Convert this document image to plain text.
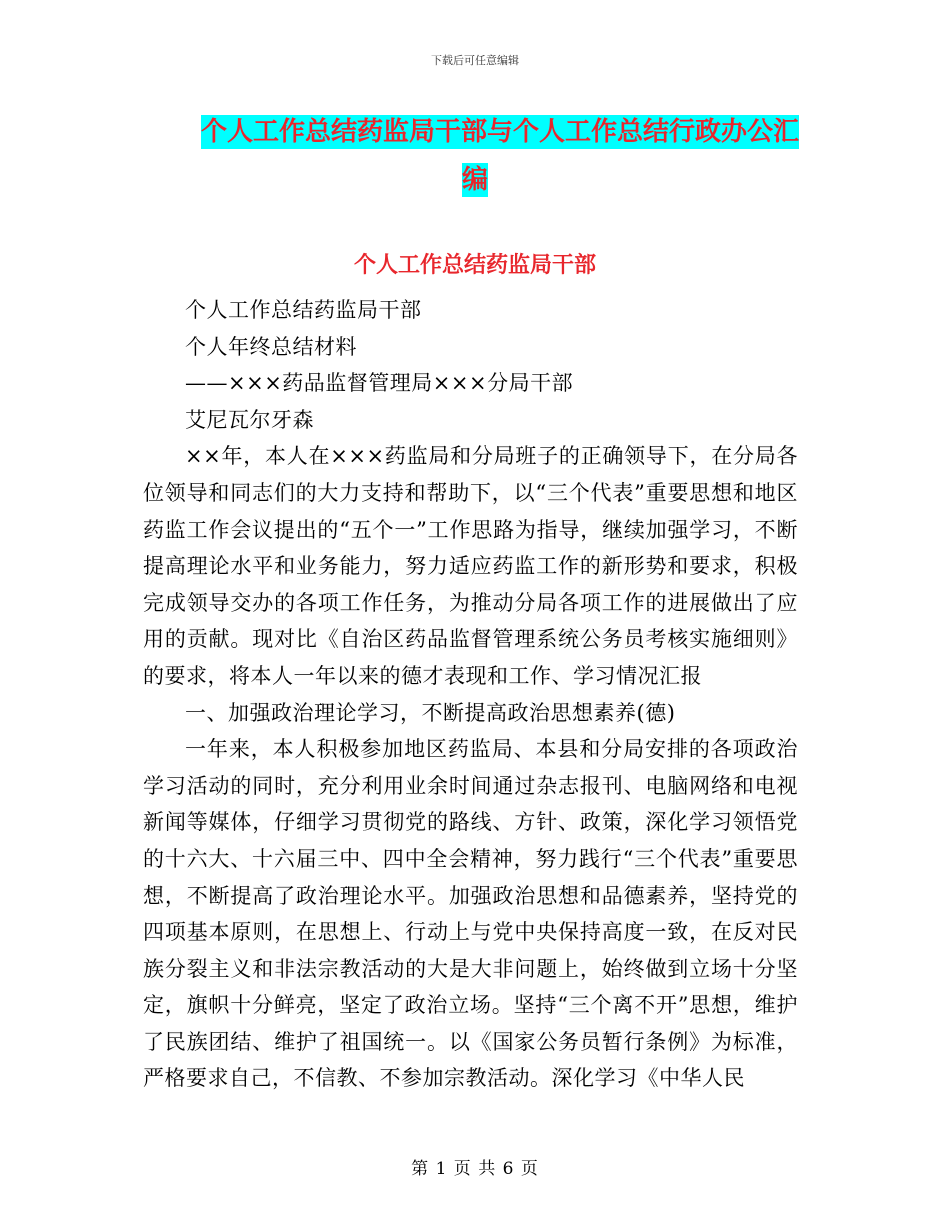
下载后可任意编辑
个人工作总结药监局干部与个人工作总结行政办公汇
编
个人工作总结药监局干部

个人工作总结药监局干部

个人年终总结材料

——×××药品监督管理局×××分局干部

艾尼瓦尔牙森

××年，本人在×××药监局和分局班子的正确领导下，在分局各位领导和同志们的大力支持和帮助下，以“三个代表”重要思想和地区药监工作会议提出的“五个一”工作思路为指导，继续加强学习，不断提高理论水平和业务能力，努力适应药监工作的新形势和要求，积极完成领导交办的各项工作任务，为推动分局各项工作的进展做出了应用的贡献。现对比《自治区药品监督管理系统公务员考核实施细则》的要求，将本人一年以来的德才表现和工作、学习情况汇报

一、加强政治理论学习，不断提高政治思想素养(德)

一年来，本人积极参加地区药监局、本县和分局安排的各项政治学习活动的同时，充分利用业余时间通过杂志报刊、电脑网络和电视新闻等媒体，仔细学习贯彻党的路线、方针、政策，深化学习领悟党的十六大、十六届三中、四中全会精神，努力践行“三个代表”重要思想，不断提高了政治理论水平。加强政治思想和品德素养，坚持党的四项基本原则，在思想上、行动上与党中央保持高度一致，在反对民族分裂主义和非法宗教活动的大是大非问题上，始终做到立场十分坚定，旗帜十分鲜亮，坚定了政治立场。坚持“三个离不开”思想，维护了民族团结、维护了祖国统一。以《国家公务员暂行条例》为标准，严格要求自己，不信教、不参加宗教活动。深化学习《中华人民

第 1 页 共 6 页
